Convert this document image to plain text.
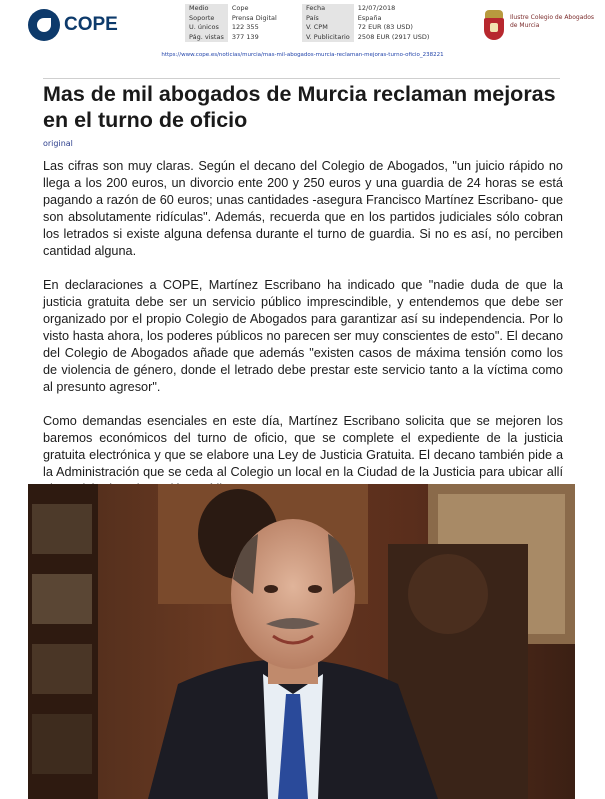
COPE
Medio	Cope
Soporte	Prensa Digital
U. únicos	122 355
Pág. vistas	377 139
Fecha	12/07/2018
País	España
V. CPM	72 EUR (83 USD)
V. Publicitario	2508 EUR (2917 USD)
Ilustre Colegio de Abogados de Murcia
https://www.cope.es/noticias/murcia/mas-mil-abogados-murcia-reclaman-mejoras-turno-oficio_238221
Mas de mil abogados de Murcia reclaman mejoras en el turno de oficio
original

Las cifras son muy claras. Según el decano del Colegio de Abogados, "un juicio rápido no llega a los 200 euros, un divorcio ente 200 y 250 euros y una guardia de 24 horas se está pagando a razón de 60 euros; unas cantidades -asegura Francisco Martínez Escribano- que son absolutamente ridículas". Además, recuerda que en los partidos judiciales sólo cobran los letrados si existe alguna defensa durante el turno de guardia. Si no es así, no perciben cantidad alguna.

En declaraciones a COPE, Martínez Escribano ha indicado que "nadie duda de que la justicia gratuita debe ser un servicio público imprescindible, y entendemos que debe ser organizado por el propio Colegio de Abogados para garantizar así su independencia. Por lo visto hasta ahora, los poderes públicos no parecen ser muy conscientes de esto". El decano del Colegio de Abogados añade que además "existen casos de máxima tensión como los de violencia de género, donde el letrado debe prestar este servicio tanto a la víctima como al presunto agresor".

Como demandas esenciales en este día, Martínez Escribano solicita que se mejoren los baremos económicos del turno de oficio, que se complete el expediente de la justicia gratuita electrónica y que se elabore una Ley de Justicia Gratuita. El decano también pide a la Administración que se ceda al Colegio un local en la Ciudad de la Justicia para ubicar allí
